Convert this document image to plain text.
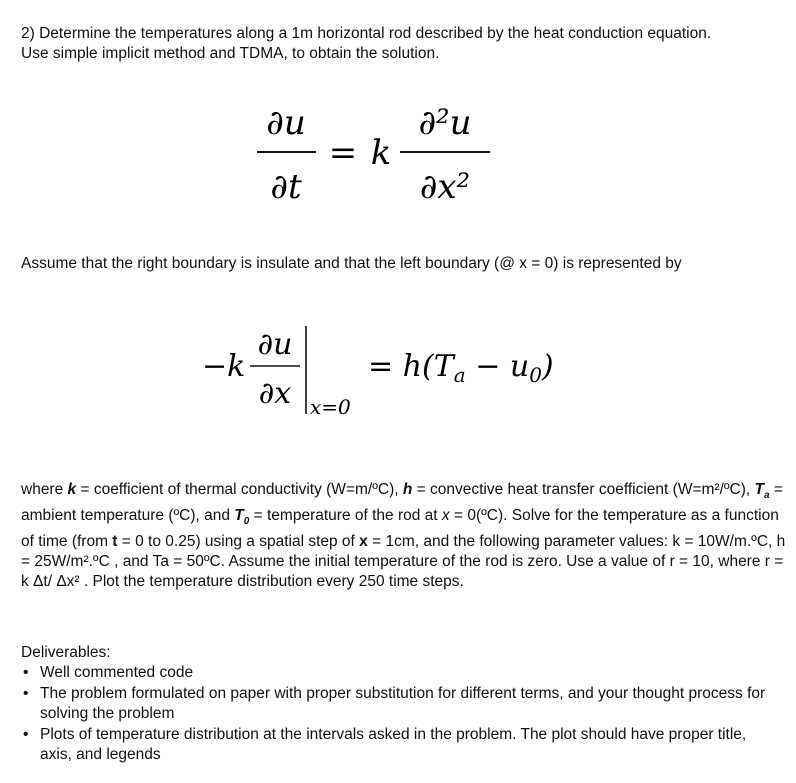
2) Determine the temperatures along a 1m horizontal rod described by the heat conduction equation.
Use simple implicit method and TDMA, to obtain the solution.

∂u
∂t
= k
∂²u
∂x²

Assume that the right boundary is insulate and that the left boundary (@ x = 0) is represented by

−k
∂u
∂x x=0
= $h(T_a - u_0)$

where k = coefficient of thermal conductivity (W=m/ºC), h = convective heat transfer coefficient (W=m²/ºC), $T_a$ = ambient temperature (ºC), and $T_0$ = temperature of the rod at x = 0(ºC). Solve for the temperature as a function of time (from t = 0 to 0.25) using a spatial step of x = 1cm, and the following parameter values: k = 10W/m.ºC, h = 25W/m².ºC , and Ta = 50ºC. Assume the initial temperature of the rod is zero. Use a value of r = 10, where r = k Δt/ Δx² . Plot the temperature distribution every 250 time steps.

Deliverables:

• Well commented code
• The problem formulated on paper with proper substitution for different terms, and your thought process for solving the problem
• Plots of temperature distribution at the intervals asked in the problem. The plot should have proper title, axis, and legends
